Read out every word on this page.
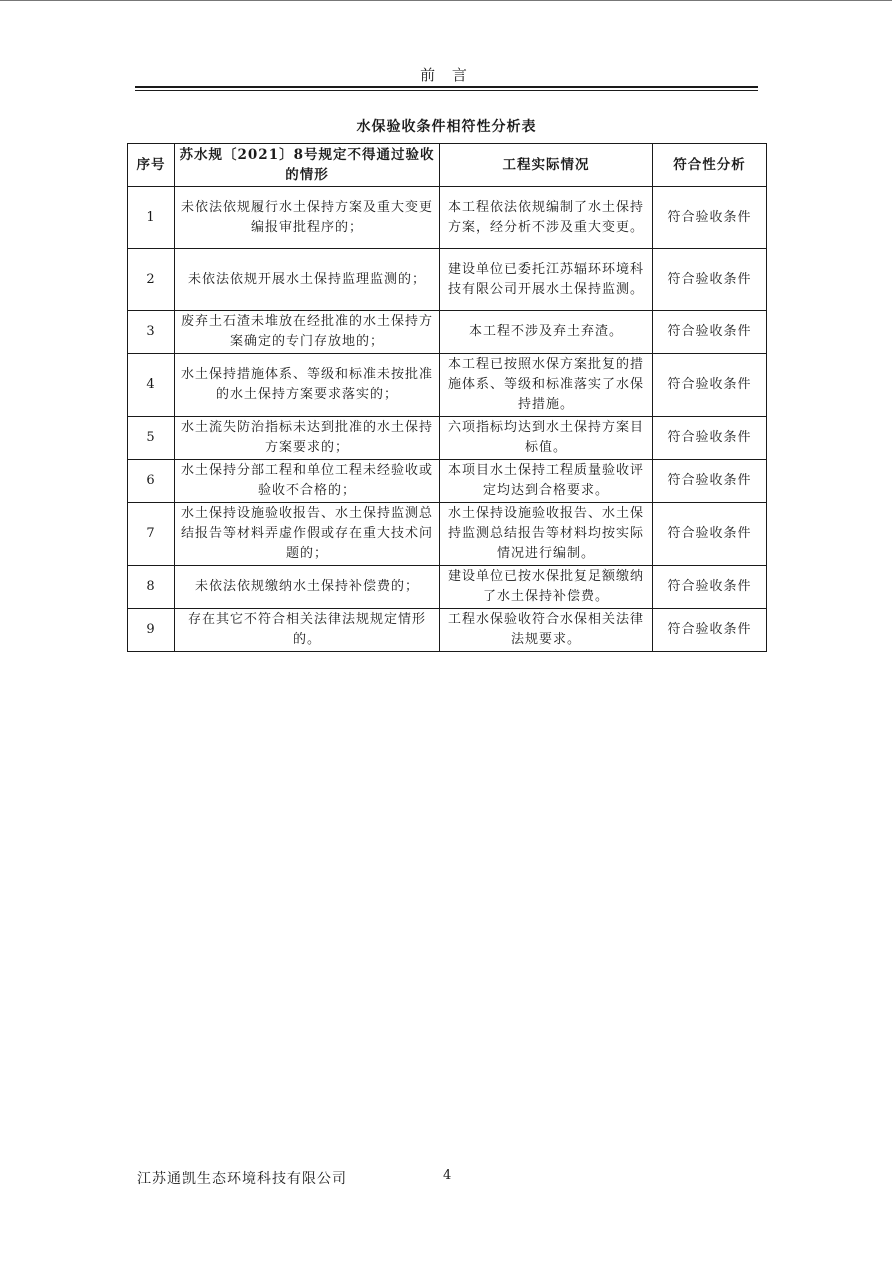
前 言
水保验收条件相符性分析表
序号	苏水规〔2021〕8号规定不得通过验收的情形	工程实际情况	符合性分析
1	未依法依规履行水土保持方案及重大变更编报审批程序的；	本工程依法依规编制了水土保持方案，经分析不涉及重大变更。	符合验收条件
2	未依法依规开展水土保持监理监测的；	建设单位已委托江苏辐环环境科技有限公司开展水土保持监测。	符合验收条件
3	废弃土石渣未堆放在经批准的水土保持方案确定的专门存放地的；	本工程不涉及弃土弃渣。	符合验收条件
4	水土保持措施体系、等级和标准未按批准的水土保持方案要求落实的；	本工程已按照水保方案批复的措施体系、等级和标准落实了水保持措施。	符合验收条件
5	水土流失防治指标未达到批准的水土保持方案要求的；	六项指标均达到水土保持方案目标值。	符合验收条件
6	水土保持分部工程和单位工程未经验收或验收不合格的；	本项目水土保持工程质量验收评定均达到合格要求。	符合验收条件
7	水土保持设施验收报告、水土保持监测总结报告等材料弄虚作假或存在重大技术问题的；	水土保持设施验收报告、水土保持监测总结报告等材料均按实际情况进行编制。	符合验收条件
8	未依法依规缴纳水土保持补偿费的；	建设单位已按水保批复足额缴纳了水土保持补偿费。	符合验收条件
9	存在其它不符合相关法律法规规定情形的。	工程水保验收符合水保相关法律法规要求。	符合验收条件
江苏通凯生态环境科技有限公司	4
